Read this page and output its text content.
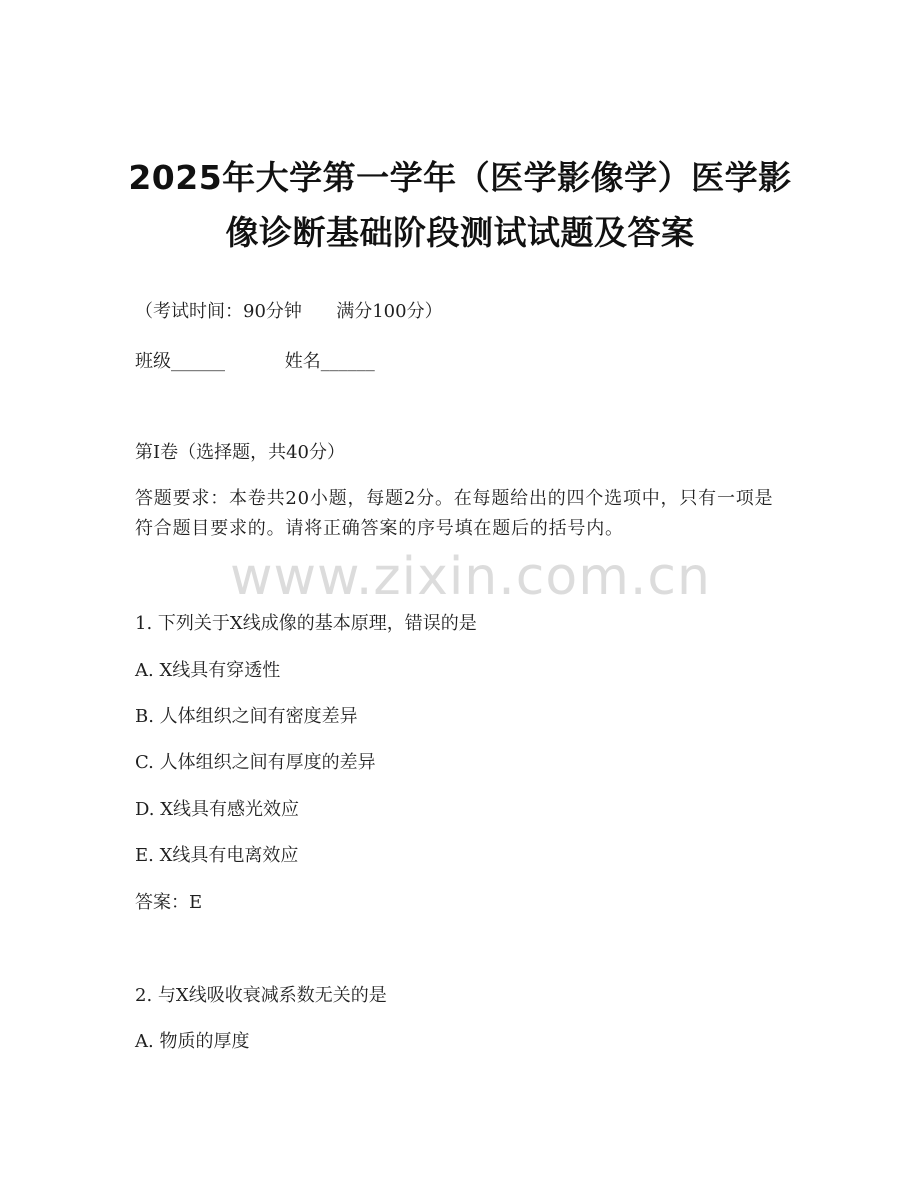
2025年大学第一学年（医学影像学）医学影
像诊断基础阶段测试试题及答案
（考试时间：90分钟      满分100分）
班级______	姓名______
第Ⅰ卷（选择题，共40分）
答题要求：本卷共20小题，每题2分。在每题给出的四个选项中，只有一项是符合题目要求的。请将正确答案的序号填在题后的括号内。
www.zixin.com.cn
1. 下列关于X线成像的基本原理，错误的是
A. X线具有穿透性
B. 人体组织之间有密度差异
C. 人体组织之间有厚度的差异
D. X线具有感光效应
E. X线具有电离效应
答案：E
2. 与X线吸收衰减系数无关的是
A. 物质的厚度
